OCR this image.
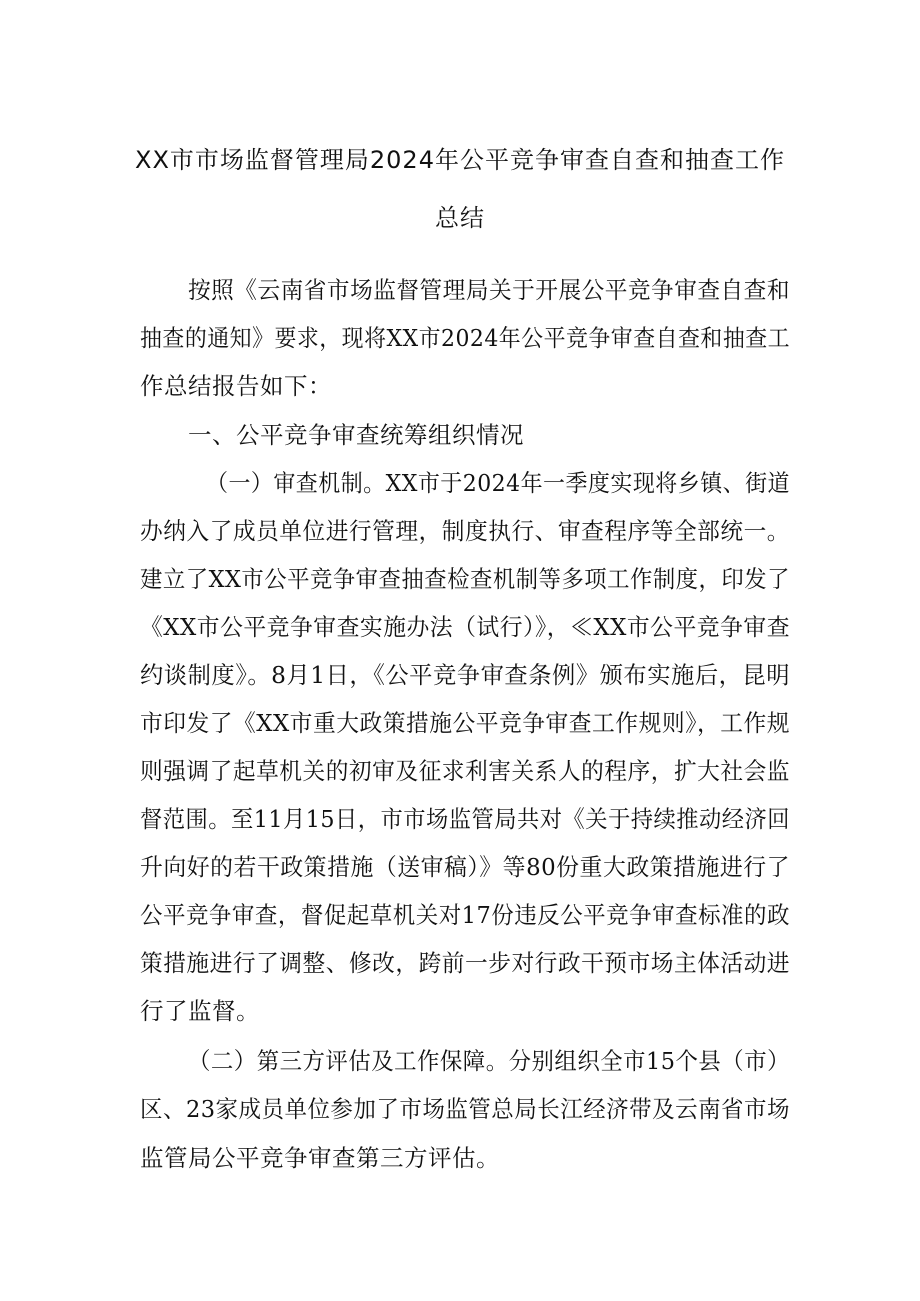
XX市市场监督管理局2024年公平竞争审查自查和抽查工作
总结
按照《云南省市场监督管理局关于开展公平竞争审查自查和
抽查的通知》要求，现将XX市2024年公平竞争审查自查和抽查工
作总结报告如下：
一、公平竞争审查统筹组织情况
（一）审查机制。XX市于2024年一季度实现将乡镇、街道
办纳入了成员单位进行管理，制度执行、审查程序等全部统一。
建立了XX市公平竞争审查抽查检查机制等多项工作制度，印发了
《XX市公平竞争审查实施办法（试行）》，≪XX市公平竞争审查
约谈制度》。8月1日，《公平竞争审查条例》颁布实施后，昆明
市印发了《XX市重大政策措施公平竞争审查工作规则》，工作规
则强调了起草机关的初审及征求利害关系人的程序，扩大社会监
督范围。至11月15日，市市场监管局共对《关于持续推动经济回
升向好的若干政策措施（送审稿）》等80份重大政策措施进行了
公平竞争审查，督促起草机关对17份违反公平竞争审查标准的政
策措施进行了调整、修改，跨前一步对行政干预市场主体活动进
行了监督。
（二）第三方评估及工作保障。分别组织全市15个县（市）
区、23家成员单位参加了市场监管总局长江经济带及云南省市场
监管局公平竞争审查第三方评估。
